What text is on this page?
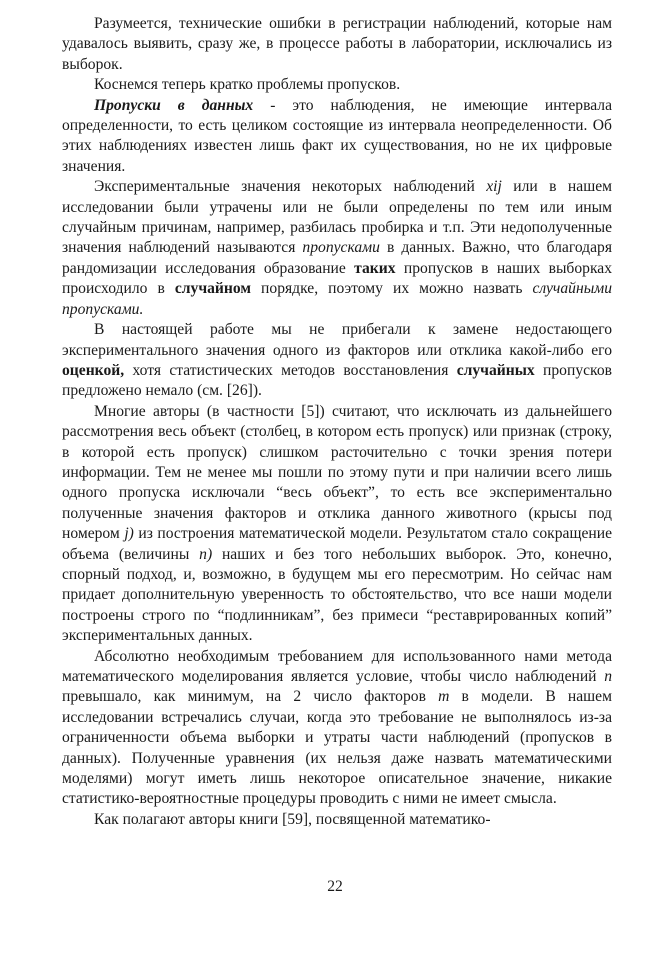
Разумеется, технические ошибки в регистрации наблюдений, которые нам удавалось выявить, сразу же, в процессе работы в лаборатории, исключались из выборок.

Коснемся теперь кратко проблемы пропусков.

Пропуски в данных - это наблюдения, не имеющие интервала определенности, то есть целиком состоящие из интервала неопределенности. Об этих наблюдениях известен лишь факт их существования, но не их цифровые значения.

Экспериментальные значения некоторых наблюдений xij или в нашем исследовании были утрачены или не были определены по тем или иным случайным причинам, например, разбилась пробирка и т.п. Эти недополученные значения наблюдений называются пропусками в данных. Важно, что благодаря рандомизации исследования образование таких пропусков в наших выборках происходило в случайном порядке, поэтому их можно назвать случайными пропусками.

В настоящей работе мы не прибегали к замене недостающего экспериментального значения одного из факторов или отклика какой-либо его оценкой, хотя статистических методов восстановления случайных пропусков предложено немало (см. [26]).

Многие авторы (в частности [5]) считают, что исключать из дальнейшего рассмотрения весь объект (столбец, в котором есть пропуск) или признак (строку, в которой есть пропуск) слишком расточительно с точки зрения потери информации. Тем не менее мы пошли по этому пути и при наличии всего лишь одного пропуска исключали “весь объект”, то есть все экспериментально полученные значения факторов и отклика данного животного (крысы под номером j) из построения математической модели. Результатом стало сокращение объема (величины n) наших и без того небольших выборок. Это, конечно, спорный подход, и, возможно, в будущем мы его пересмотрим. Но сейчас нам придает дополнительную уверенность то обстоятельство, что все наши модели построены строго по “подлинникам”, без примеси “реставрированных копий” экспериментальных данных.

Абсолютно необходимым требованием для использованного нами метода математического моделирования является условие, чтобы число наблюдений n превышало, как минимум, на 2 число факторов m в модели. В нашем исследовании встречались случаи, когда это требование не выполнялось из-за ограниченности объема выборки и утраты части наблюдений (пропусков в данных). Полученные уравнения (их нельзя даже назвать математическими моделями) могут иметь лишь некоторое описательное значение, никакие статистико-вероятностные процедуры проводить с ними не имеет смысла.

Как полагают авторы книги [59], посвященной математико-

22
